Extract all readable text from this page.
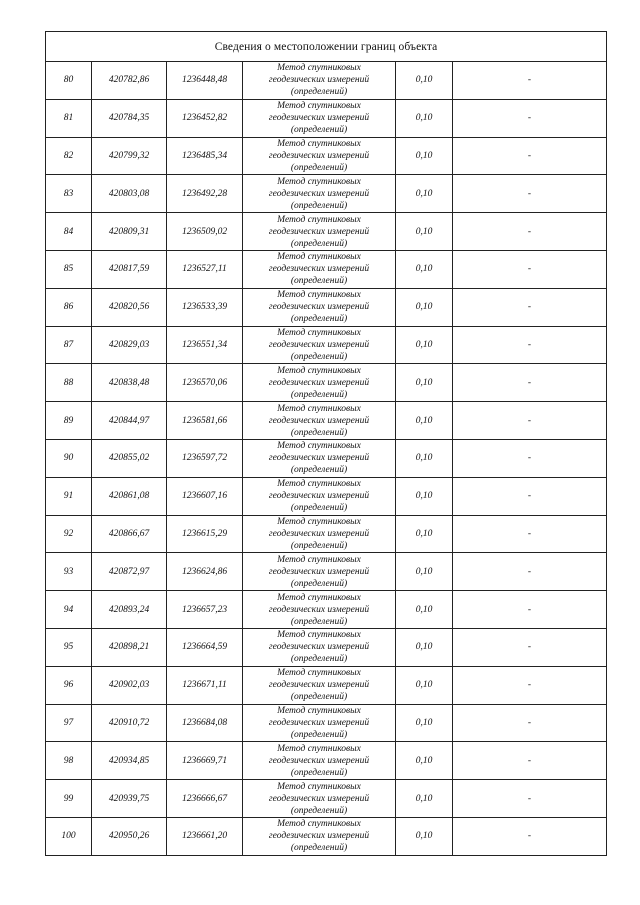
Сведения о местоположении границ объекта					
80	420782,86	1236448,48	Метод спутниковых
геодезических измерений
(определений)	0,10	-
81	420784,35	1236452,82	Метод спутниковых
геодезических измерений
(определений)	0,10	-
82	420799,32	1236485,34	Метод спутниковых
геодезических измерений
(определений)	0,10	-
83	420803,08	1236492,28	Метод спутниковых
геодезических измерений
(определений)	0,10	-
84	420809,31	1236509,02	Метод спутниковых
геодезических измерений
(определений)	0,10	-
85	420817,59	1236527,11	Метод спутниковых
геодезических измерений
(определений)	0,10	-
86	420820,56	1236533,39	Метод спутниковых
геодезических измерений
(определений)	0,10	-
87	420829,03	1236551,34	Метод спутниковых
геодезических измерений
(определений)	0,10	-
88	420838,48	1236570,06	Метод спутниковых
геодезических измерений
(определений)	0,10	-
89	420844,97	1236581,66	Метод спутниковых
геодезических измерений
(определений)	0,10	-
90	420855,02	1236597,72	Метод спутниковых
геодезических измерений
(определений)	0,10	-
91	420861,08	1236607,16	Метод спутниковых
геодезических измерений
(определений)	0,10	-
92	420866,67	1236615,29	Метод спутниковых
геодезических измерений
(определений)	0,10	-
93	420872,97	1236624,86	Метод спутниковых
геодезических измерений
(определений)	0,10	-
94	420893,24	1236657,23	Метод спутниковых
геодезических измерений
(определений)	0,10	-
95	420898,21	1236664,59	Метод спутниковых
геодезических измерений
(определений)	0,10	-
96	420902,03	1236671,11	Метод спутниковых
геодезических измерений
(определений)	0,10	-
97	420910,72	1236684,08	Метод спутниковых
геодезических измерений
(определений)	0,10	-
98	420934,85	1236669,71	Метод спутниковых
геодезических измерений
(определений)	0,10	-
99	420939,75	1236666,67	Метод спутниковых
геодезических измерений
(определений)	0,10	-
100	420950,26	1236661,20	Метод спутниковых
геодезических измерений
(определений)	0,10	-
